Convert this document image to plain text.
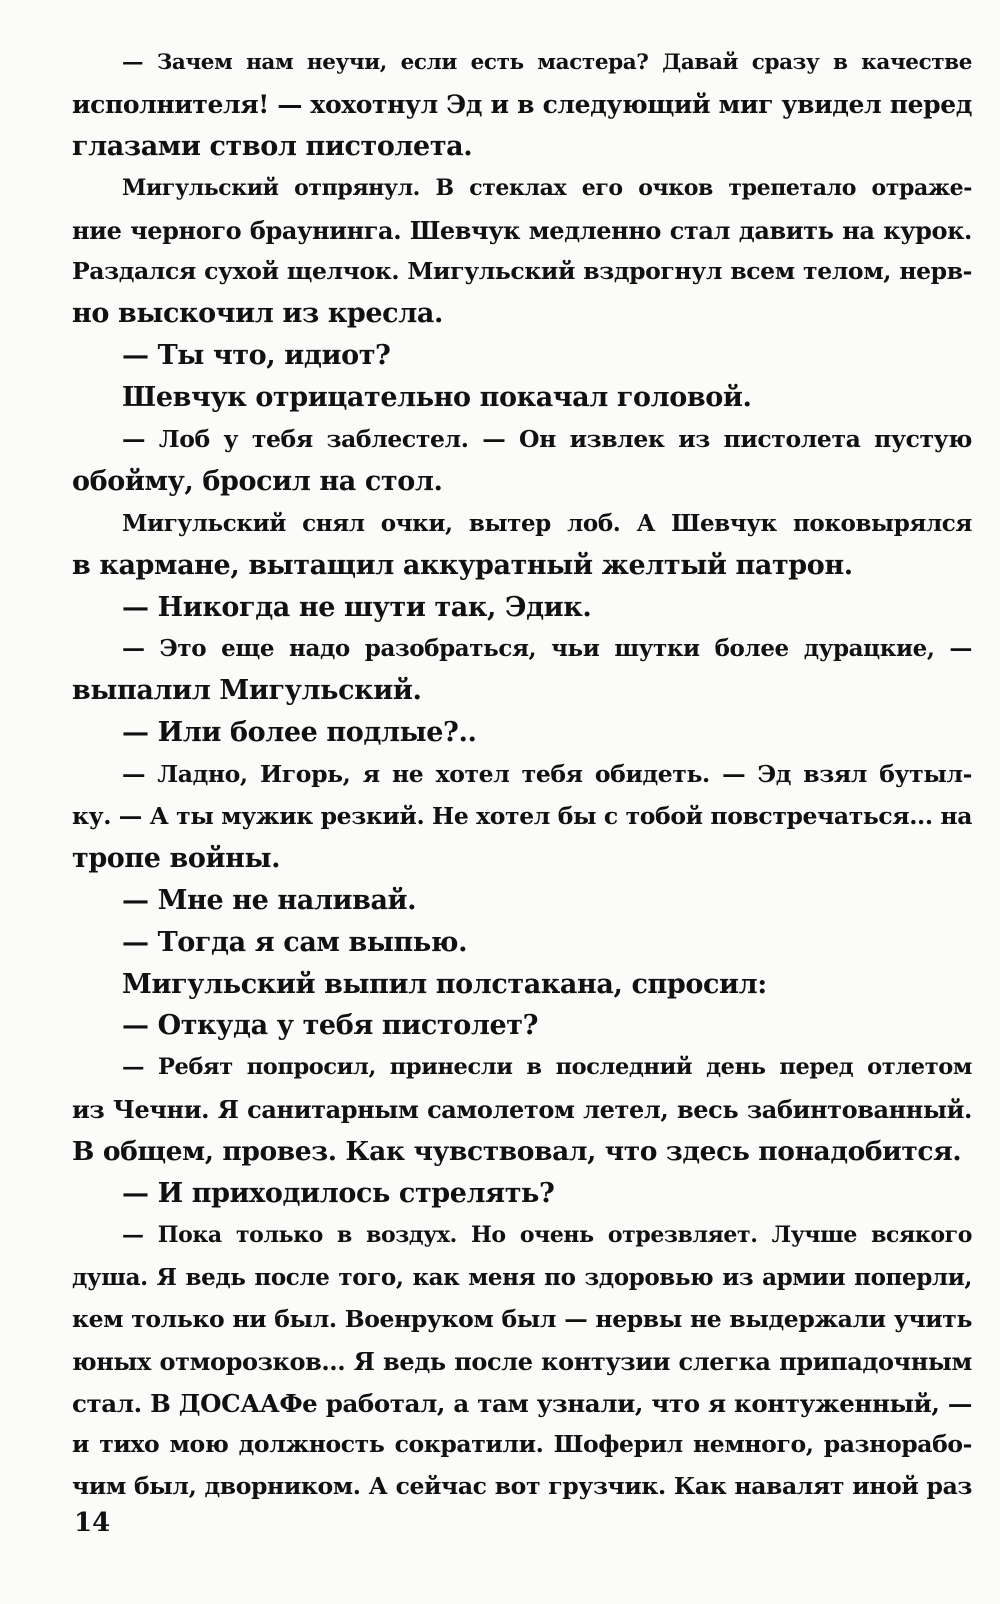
— Зачем нам неучи, если есть мастера? Давай сразу в качестве
исполнителя! — хохотнул Эд и в следующий миг увидел перед
глазами ствол пистолета.
Мигульский отпрянул. В стеклах его очков трепетало отраже-
ние черного браунинга. Шевчук медленно стал давить на курок.
Раздался сухой щелчок. Мигульский вздрогнул всем телом, нерв-
но выскочил из кресла.
— Ты что, идиот?
Шевчук отрицательно покачал головой.
— Лоб у тебя заблестел. — Он извлек из пистолета пустую
обойму, бросил на стол.
Мигульский снял очки, вытер лоб. А Шевчук поковырялся
в кармане, вытащил аккуратный желтый патрон.
— Никогда не шути так, Эдик.
— Это еще надо разобраться, чьи шутки более дурацкие, —
выпалил Мигульский.
— Или более подлые?..
— Ладно, Игорь, я не хотел тебя обидеть. — Эд взял бутыл-
ку. — А ты мужик резкий. Не хотел бы с тобой повстречаться... на
тропе войны.
— Мне не наливай.
— Тогда я сам выпью.
Мигульский выпил полстакана, спросил:
— Откуда у тебя пистолет?
— Ребят попросил, принесли в последний день перед отлетом
из Чечни. Я санитарным самолетом летел, весь забинтованный.
В общем, провез. Как чувствовал, что здесь понадобится.
— И приходилось стрелять?
— Пока только в воздух. Но очень отрезвляет. Лучше всякого
душа. Я ведь после того, как меня по здоровью из армии поперли,
кем только ни был. Военруком был — нервы не выдержали учить
юных отморозков... Я ведь после контузии слегка припадочным
стал. В ДОСААФе работал, а там узнали, что я контуженный, —
и тихо мою должность сократили. Шоферил немного, разнорабо-
чим был, дворником. А сейчас вот грузчик. Как навалят иной раз
14
